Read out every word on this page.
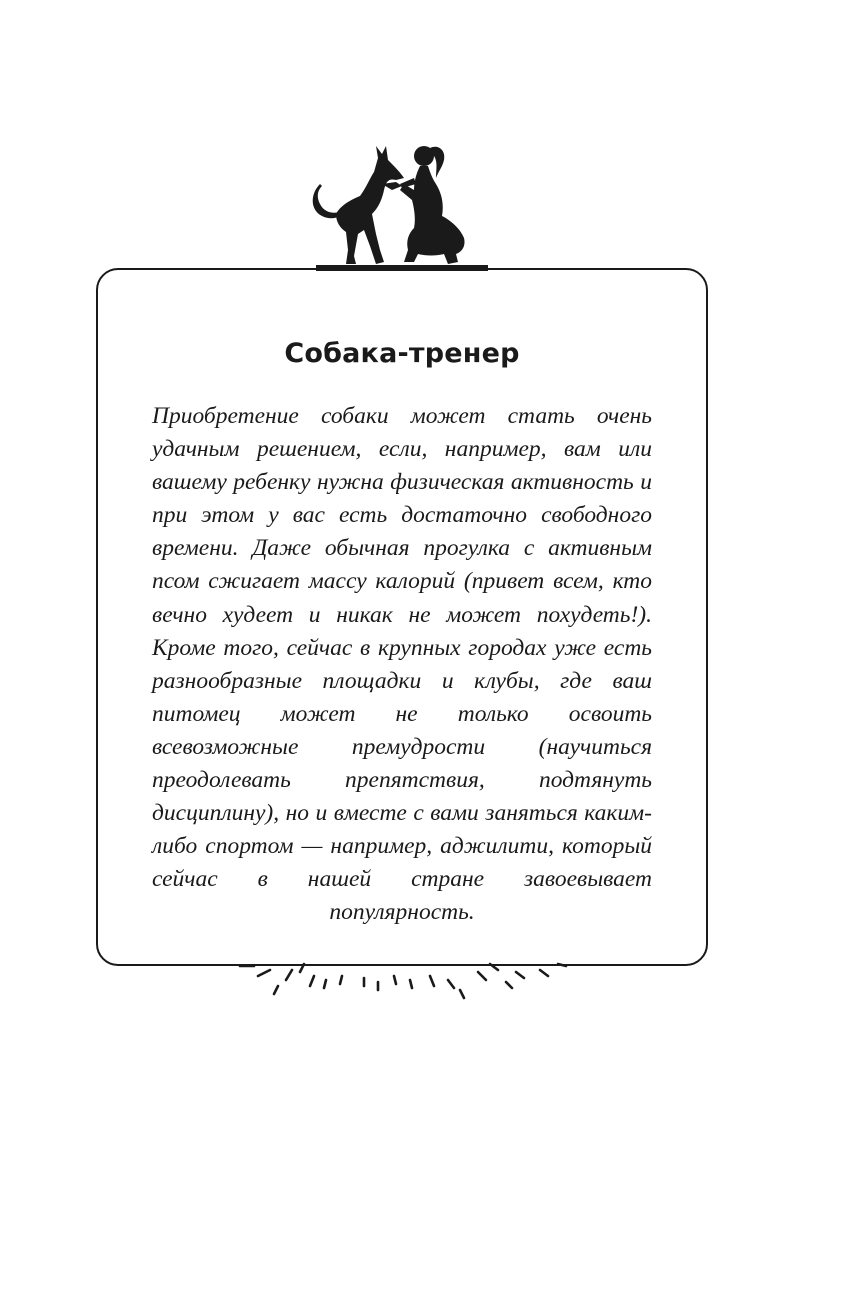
Собака-тренер

Приобретение собаки может стать очень удачным решением, если, например, вам или вашему ребенку нужна физическая активность и при этом у вас есть достаточно свободного времени. Даже обычная прогулка с активным псом сжигает массу калорий (привет всем, кто вечно худеет и никак не может похудеть!). Кроме того, сейчас в крупных городах уже есть разнообразные площадки и клубы, где ваш питомец может не только освоить всевозможные премудрости (научиться преодолевать препятствия, подтянуть дисциплину), но и вместе с вами заняться каким-либо спортом — например, аджилити, который сейчас в нашей стране завоевывает популярность.
